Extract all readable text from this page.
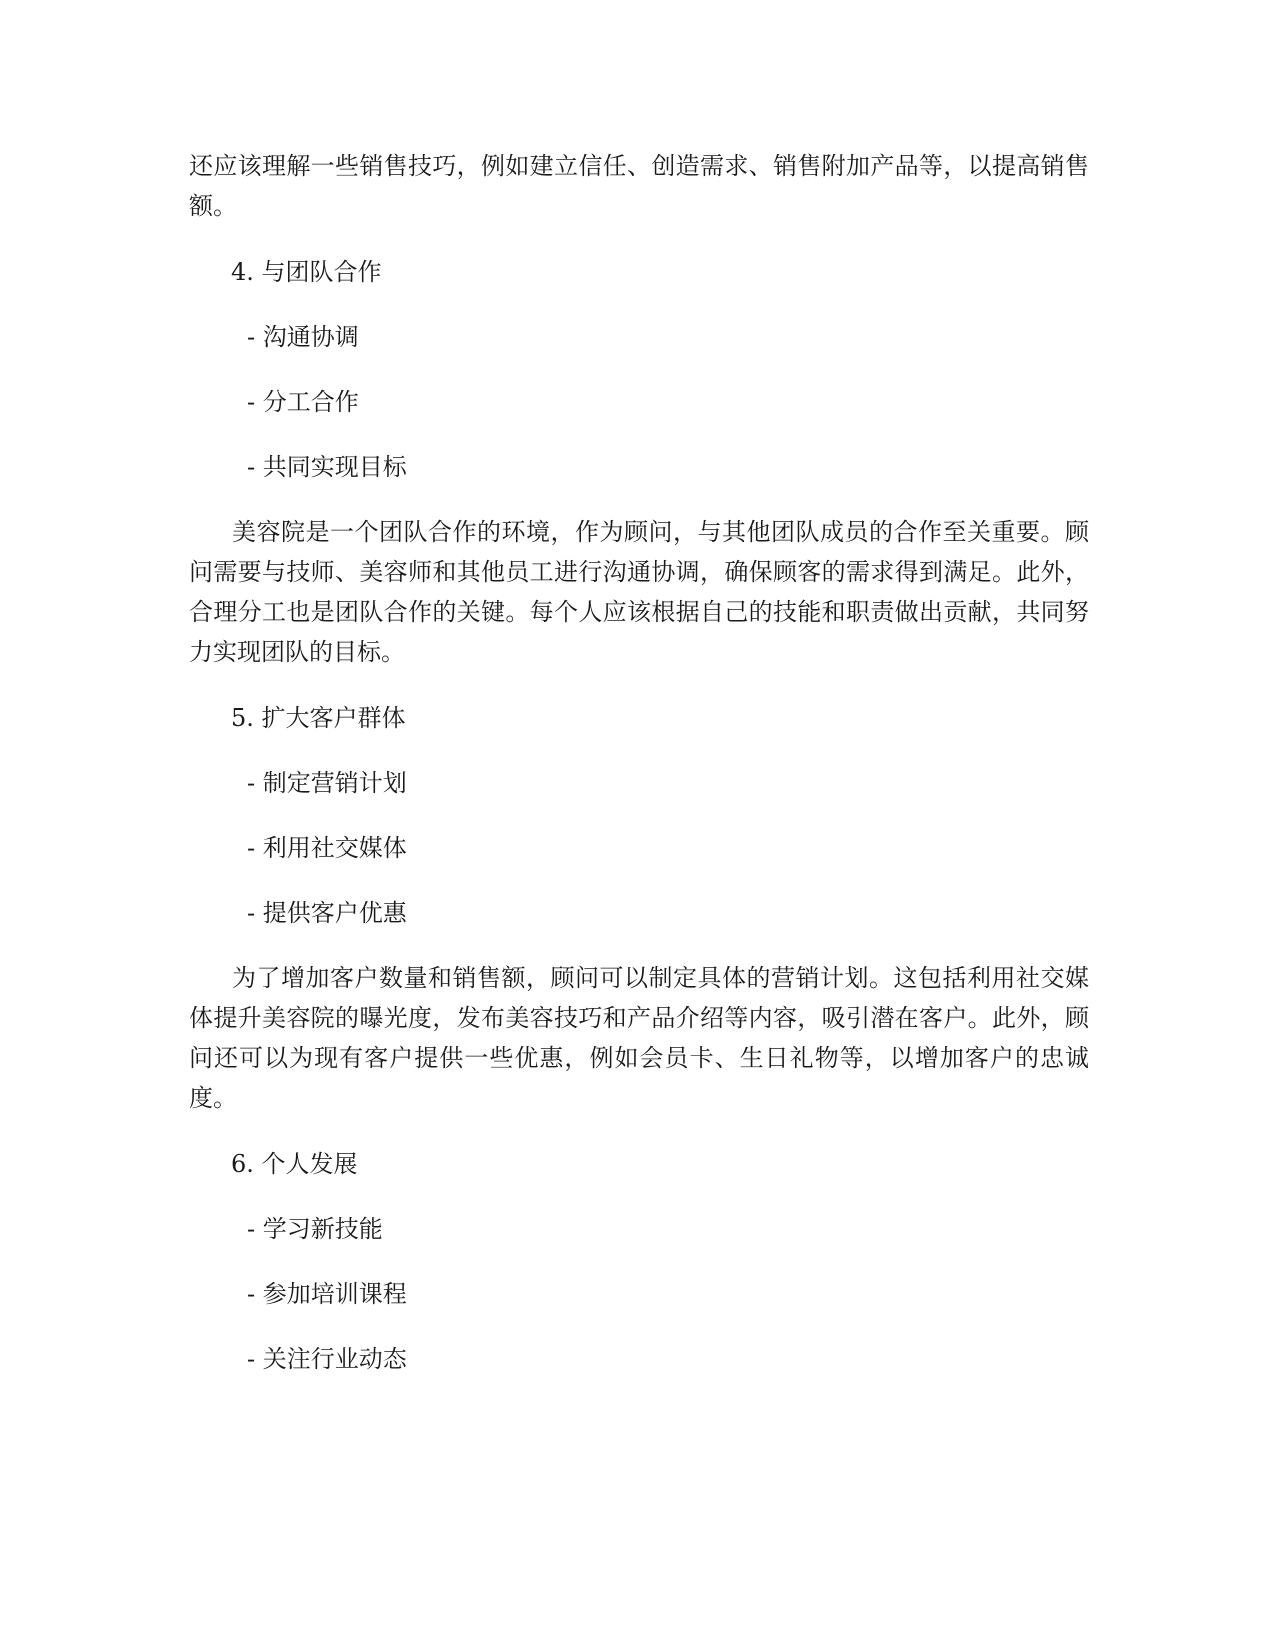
还应该理解一些销售技巧，例如建立信任、创造需求、销售附加产品等，以提高销售额。

4. 与团队合作

- 沟通协调

- 分工合作

- 共同实现目标

美容院是一个团队合作的环境，作为顾问，与其他团队成员的合作至关重要。顾问需要与技师、美容师和其他员工进行沟通协调，确保顾客的需求得到满足。此外，合理分工也是团队合作的关键。每个人应该根据自己的技能和职责做出贡献，共同努力实现团队的目标。

5. 扩大客户群体

- 制定营销计划

- 利用社交媒体

- 提供客户优惠

为了增加客户数量和销售额，顾问可以制定具体的营销计划。这包括利用社交媒体提升美容院的曝光度，发布美容技巧和产品介绍等内容，吸引潜在客户。此外，顾问还可以为现有客户提供一些优惠，例如会员卡、生日礼物等，以增加客户的忠诚度。

6. 个人发展

- 学习新技能

- 参加培训课程

- 关注行业动态
